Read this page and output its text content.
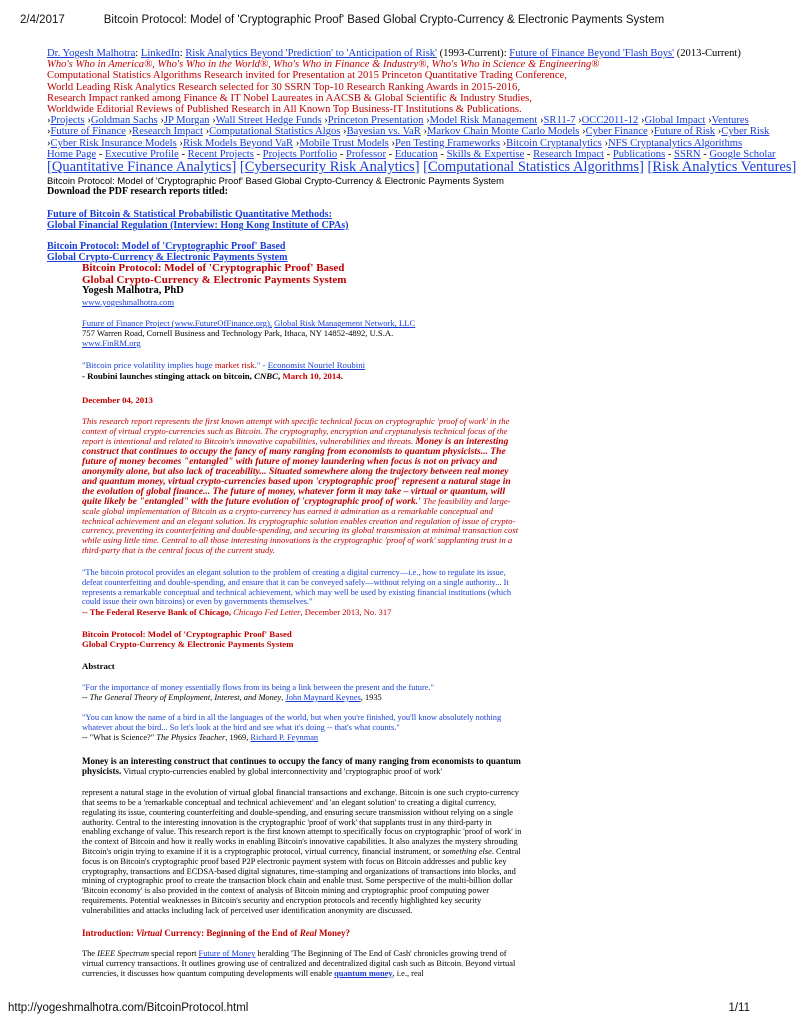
2/4/2017	Bitcoin Protocol: Model of 'Cryptographic Proof' Based Global Crypto-Currency & Electronic Payments System
Dr. Yogesh Malhotra: LinkedIn: Risk Analytics Beyond 'Prediction' to 'Anticipation of Risk' (1993-Current): Future of Finance Beyond 'Flash Boys' (2013-Current)
Who's Who in America®, Who's Who in the World®, Who's Who in Finance & Industry®, Who's Who in Science & Engineering®
Computational Statistics Algorithms Research invited for Presentation at 2015 Princeton Quantitative Trading Conference,
World Leading Risk Analytics Research selected for 30 SSRN Top-10 Research Ranking Awards in 2015-2016,
Research Impact ranked among Finance & IT Nobel Laureates in AACSB & Global Scientific & Industry Studies,
Worldwide Editorial Reviews of Published Research in All Known Top Business-IT Institutions & Publications.
›Projects ›Goldman Sachs ›JP Morgan ›Wall Street Hedge Funds ›Princeton Presentation ›Model Risk Management ›SR11-7 ›OCC2011-12 ›Global Impact ›Ventures
›Future of Finance ›Research Impact ›Computational Statistics Algos ›Bayesian vs. VaR ›Markov Chain Monte Carlo Models ›Cyber Finance ›Future of Risk ›Cyber Risk
›Cyber Risk Insurance Models ›Risk Models Beyond VaR ›Mobile Trust Models ›Pen Testing Frameworks ›Bitcoin Cryptanalytics ›NFS Cryptanalytics Algorithms
Home Page - Executive Profile - Recent Projects - Projects Portfolio - Professor - Education - Skills & Expertise - Research Impact - Publications - SSRN - Google Scholar
[Quantitative Finance Analytics] [Cybersecurity Risk Analytics] [Computational Statistics Algorithms] [Risk Analytics Ventures]
Bitcoin Protocol: Model of 'Cryptographic Proof' Based Global Crypto-Currency & Electronic Payments System
Download the PDF research reports titled:
Future of Bitcoin & Statistical Probabilistic Quantitative Methods:
Global Financial Regulation (Interview: Hong Kong Institute of CPAs)
Bitcoin Protocol: Model of 'Cryptographic Proof' Based
Global Crypto-Currency & Electronic Payments System
Bitcoin Protocol: Model of 'Cryptographic Proof' Based
Global Crypto-Currency & Electronic Payments System
Yogesh Malhotra, PhD
www.yogeshmalhotra.com
Future of Finance Project (www.FutureOfFinance.org), Global Risk Management Network, LLC
757 Warren Road, Cornell Business and Technology Park, Ithaca, NY 14852-4892, U.S.A.
www.FinRM.org
"Bitcoin price volatility implies huge market risk." - Economist Nouriel Roubini
- Roubini launches stinging attack on bitcoin, CNBC, March 10, 2014.
December 04, 2013

This research report represents the first known attempt with specific technical focus on cryptographic 'proof of work' in the context of virtual crypto-currencies such as Bitcoin. The cryptography, encryption and cryptanalysis technical focus of the report is intentional and related to Bitcoin's innovative capabilities, vulnerabilities and threats. Money is an interesting construct that continues to occupy the fancy of many ranging from economists to quantum physicists... The future of money becomes "entangled" with future of money laundering when focus is not on privacy and anonymity alone, but also lack of traceability... Situated somewhere along the trajectory between real money and quantum money, virtual crypto-currencies based upon 'cryptographic proof' represent a natural stage in the evolution of global finance... The future of money, whatever form it may take – virtual or quantum, will quite likely be "entangled" with the future evolution of 'cryptographic proof of work.' The feasibility and large-scale global implementation of Bitcoin as a crypto-currency has earned it admiration as a remarkable conceptual and technical achievement and an elegant solution. Its cryptographic solution enables creation and regulation of issue of crypto-currency, preventing its counterfeiting and double-spending, and securing its global transmission at minimal transaction cost while using little time. Central to all those interesting innovations is the cryptographic 'proof of work' supplanting trust in a third-party that is the central focus of the current study.

"The bitcoin protocol provides an elegant solution to the problem of creating a digital currency—i.e., how to regulate its issue, defeat counterfeiting and double-spending, and ensure that it can be conveyed safely—without relying on a single authority... It represents a remarkable conceptual and technical achievement, which may well be used by existing financial institutions (which could issue their own bitcoins) or even by governments themselves."

-- The Federal Reserve Bank of Chicago, Chicago Fed Letter, December 2013, No. 317
Bitcoin Protocol: Model of 'Cryptographic Proof' Based
Global Crypto-Currency & Electronic Payments System
Abstract
"For the importance of money essentially flows from its being a link between the present and the future."
-- The General Theory of Employment, Interest, and Money, John Maynard Keynes, 1935
"You can know the name of a bird in all the languages of the world, but when you're finished, you'll know absolutely nothing whatever about the bird... So let's look at the bird and see what it's doing -- that's what counts."
-- "What is Science?" The Physics Teacher, 1969, Richard P. Feynman

Money is an interesting construct that continues to occupy the fancy of many ranging from economists to quantum physicists. Virtual crypto-currencies enabled by global interconnectivity and 'cryptographic proof of work'

represent a natural stage in the evolution of virtual global financial transactions and exchange. Bitcoin is one such crypto-currency that seems to be a 'remarkable conceptual and technical achievement' and 'an elegant solution' to creating a digital currency, regulating its issue, countering counterfeiting and double-spending, and ensuring secure transmission without relying on a single authority. Central to the interesting innovation is the cryptographic 'proof of work' that supplants trust in any third-party in enabling exchange of value. This research report is the first known attempt to specifically focus on cryptographic 'proof of work' in the context of Bitcoin and how it really works in enabling Bitcoin's innovative capabilities. It also analyzes the mystery shrouding Bitcoin's origin trying to examine if it is a cryptographic protocol, virtual currency, financial instrument, or something else. Central focus is on Bitcoin's cryptographic proof based P2P electronic payment system with focus on Bitcoin addresses and public key cryptography, transactions and ECDSA-based digital signatures, time-stamping and organizations of transactions into blocks, and mining of cryptographic proof to create the transaction block chain and enable trust. Some perspective of the multi-billion dollar 'Bitcoin economy' is also provided in the context of analysis of Bitcoin mining and cryptographic proof computing power requirements. Potential weaknesses in Bitcoin's security and encryption protocols and recently highlighted key security vulnerabilities and attacks including lack of perceived user identification anonymity are discussed.

Introduction: Virtual Currency: Beginning of the End of Real Money?

The IEEE Spectrum special report Future of Money heralding 'The Beginning of The End of Cash' chronicles growing trend of virtual currency transactions. It outlines growing use of centralized and decentralized digital cash such as Bitcoin. Beyond virtual currencies, it discusses how quantum computing developments will enable quantum money, i.e., real

http://yogeshmalhotra.com/BitcoinProtocol.html	1/11
